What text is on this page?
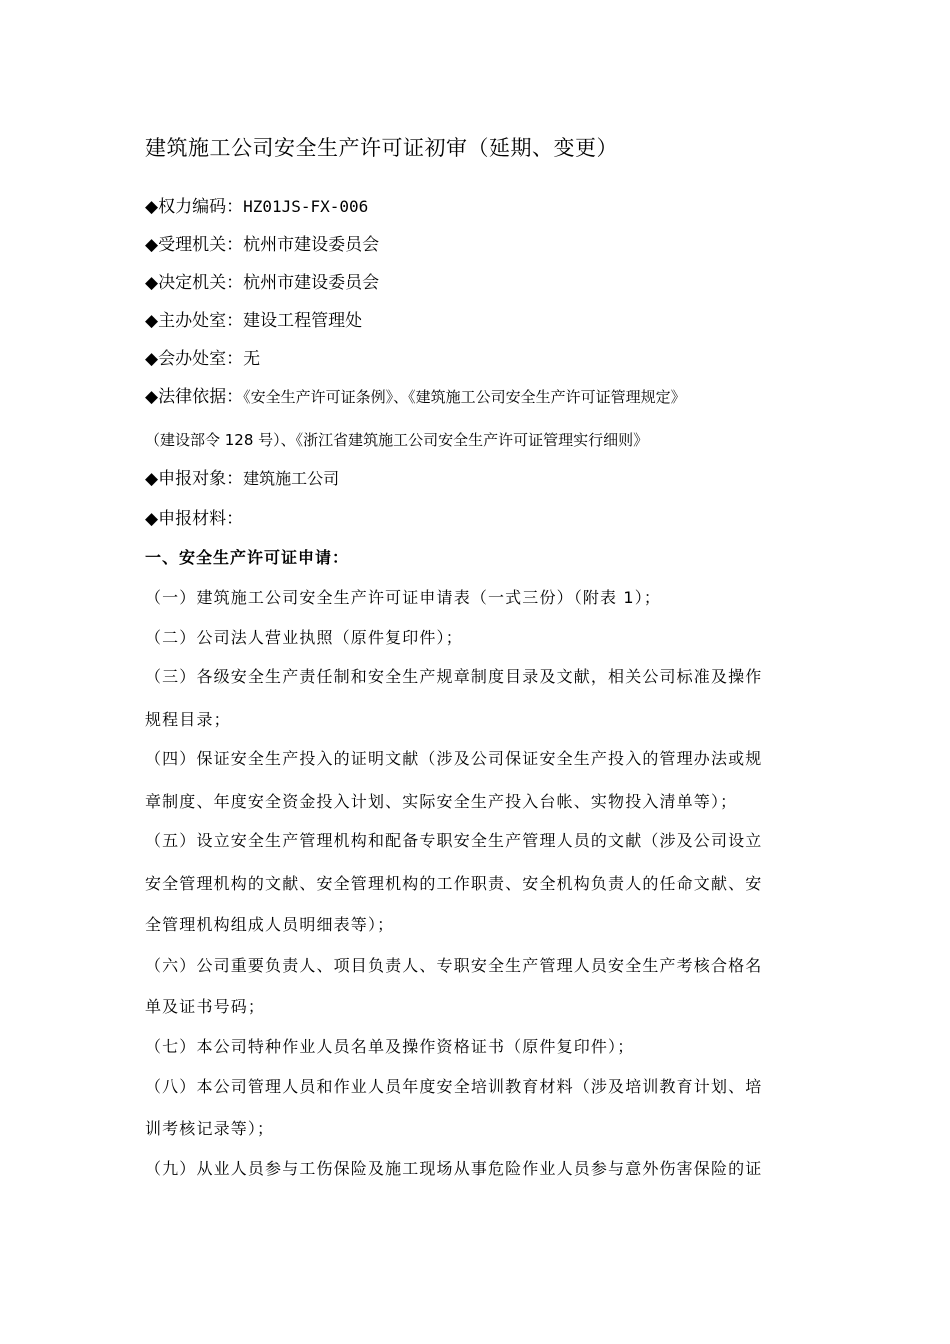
建筑施工公司安全生产许可证初审（延期、变更）
◆权力编码：HZ01JS-FX-006
◆受理机关：杭州市建设委员会
◆决定机关：杭州市建设委员会
◆主办处室：建设工程管理处
◆会办处室：无
◆法律依据：《安全生产许可证条例》、《建筑施工公司安全生产许可证管理规定》
（建设部令 128 号）、《浙江省建筑施工公司安全生产许可证管理实行细则》
◆申报对象：建筑施工公司
◆申报材料：
一、安全生产许可证申请：
（一）建筑施工公司安全生产许可证申请表（一式三份）（附表 1）；
（二）公司法人营业执照（原件复印件）；
（三）各级安全生产责任制和安全生产规章制度目录及文献，相关公司标准及操作
规程目录；
（四）保证安全生产投入的证明文献（涉及公司保证安全生产投入的管理办法或规
章制度、年度安全资金投入计划、实际安全生产投入台帐、实物投入清单等）；
（五）设立安全生产管理机构和配备专职安全生产管理人员的文献（涉及公司设立
安全管理机构的文献、安全管理机构的工作职责、安全机构负责人的任命文献、安
全管理机构组成人员明细表等）；
（六）公司重要负责人、项目负责人、专职安全生产管理人员安全生产考核合格名
单及证书号码；
（七）本公司特种作业人员名单及操作资格证书（原件复印件）；
（八）本公司管理人员和作业人员年度安全培训教育材料（涉及培训教育计划、培
训考核记录等）；
（九）从业人员参与工伤保险及施工现场从事危险作业人员参与意外伤害保险的证
